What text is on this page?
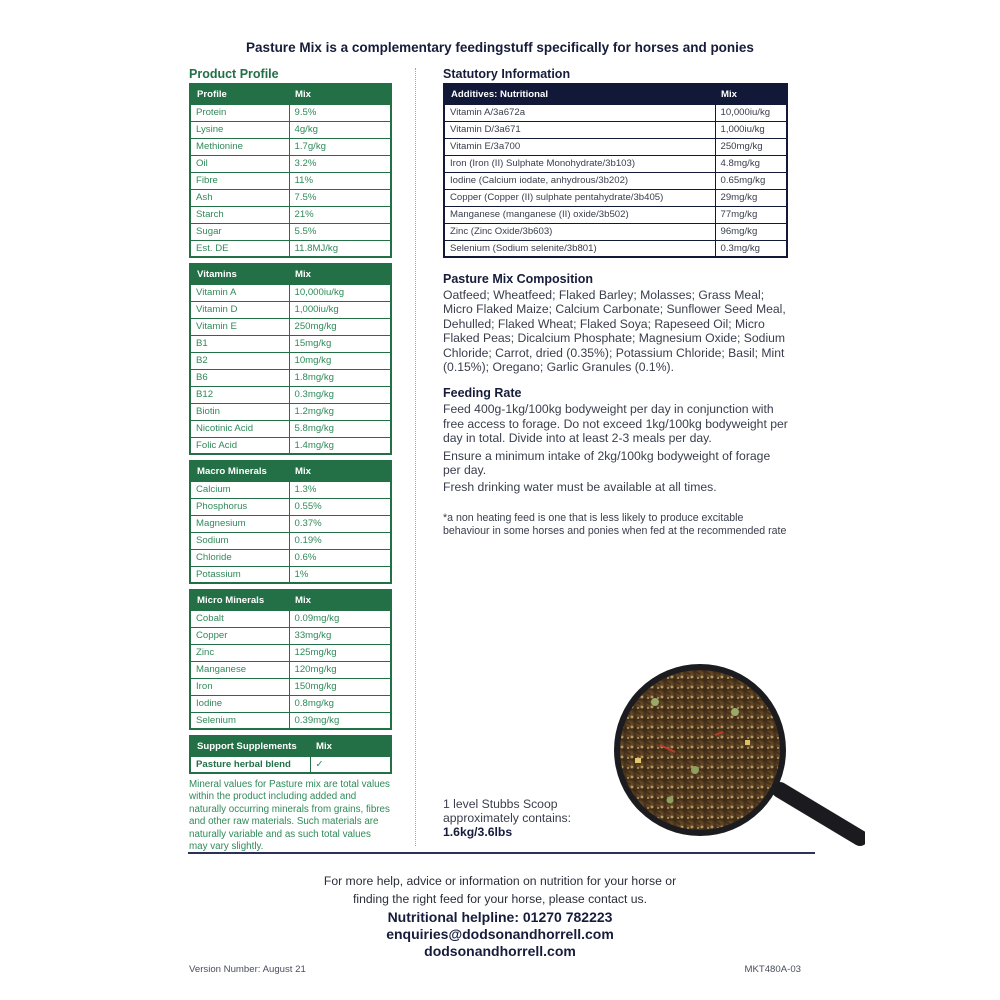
Pasture Mix is a complementary feedingstuff specifically for horses and ponies
Product Profile
Profile	Mix
Protein	9.5%
Lysine	4g/kg
Methionine	1.7g/kg
Oil	3.2%
Fibre	11%
Ash	7.5%
Starch	21%
Sugar	5.5%
Est. DE	11.8MJ/kg
Vitamins	Mix
Vitamin A	10,000iu/kg
Vitamin D	1,000iu/kg
Vitamin E	250mg/kg
B1	15mg/kg
B2	10mg/kg
B6	1.8mg/kg
B12	0.3mg/kg
Biotin	1.2mg/kg
Nicotinic Acid	5.8mg/kg
Folic Acid	1.4mg/kg
Macro Minerals	Mix
Calcium	1.3%
Phosphorus	0.55%
Magnesium	0.37%
Sodium	0.19%
Chloride	0.6%
Potassium	1%
Micro Minerals	Mix
Cobalt	0.09mg/kg
Copper	33mg/kg
Zinc	125mg/kg
Manganese	120mg/kg
Iron	150mg/kg
Iodine	0.8mg/kg
Selenium	0.39mg/kg
Support Supplements	Mix
Pasture herbal blend	✓
Mineral values for Pasture mix are total values within the product including added and naturally occurring minerals from grains, fibres and other raw materials. Such materials are naturally variable and as such total values may vary slightly.
Statutory Information
Additives: Nutritional	Mix
Vitamin A/3a672a	10,000iu/kg
Vitamin D/3a671	1,000iu/kg
Vitamin E/3a700	250mg/kg
Iron (Iron (II) Sulphate Monohydrate/3b103)	4.8mg/kg
Iodine (Calcium iodate, anhydrous/3b202)	0.65mg/kg
Copper (Copper (II) sulphate pentahydrate/3b405)	29mg/kg
Manganese (manganese (II) oxide/3b502)	77mg/kg
Zinc (Zinc Oxide/3b603)	96mg/kg
Selenium (Sodium selenite/3b801)	0.3mg/kg
Pasture Mix Composition
Oatfeed; Wheatfeed; Flaked Barley; Molasses; Grass Meal; Micro Flaked Maize; Calcium Carbonate; Sunflower Seed Meal, Dehulled; Flaked Wheat; Flaked Soya; Rapeseed Oil; Micro Flaked Peas; Dicalcium Phosphate; Magnesium Oxide; Sodium Chloride; Carrot, dried (0.35%); Potassium Chloride; Basil; Mint (0.15%); Oregano; Garlic Granules (0.1%).
Feeding Rate

Feed 400g-1kg/100kg bodyweight per day in conjunction with free access to forage. Do not exceed 1kg/100kg bodyweight per day in total. Divide into at least 2-3 meals per day.

Ensure a minimum intake of 2kg/100kg bodyweight of forage per day.

Fresh drinking water must be available at all times.

*a non heating feed is one that is less likely to produce excitable behaviour in some horses and ponies when fed at the recommended rate
1 level Stubbs Scoop
approximately contains:
1.6kg/3.6lbs
For more help, advice or information on nutrition for your horse or
finding the right feed for your horse, please contact us.
Nutritional helpline: 01270 782223
enquiries@dodsonandhorrell.com
dodsonandhorrell.com
Version Number: August 21	MKT480A-03
